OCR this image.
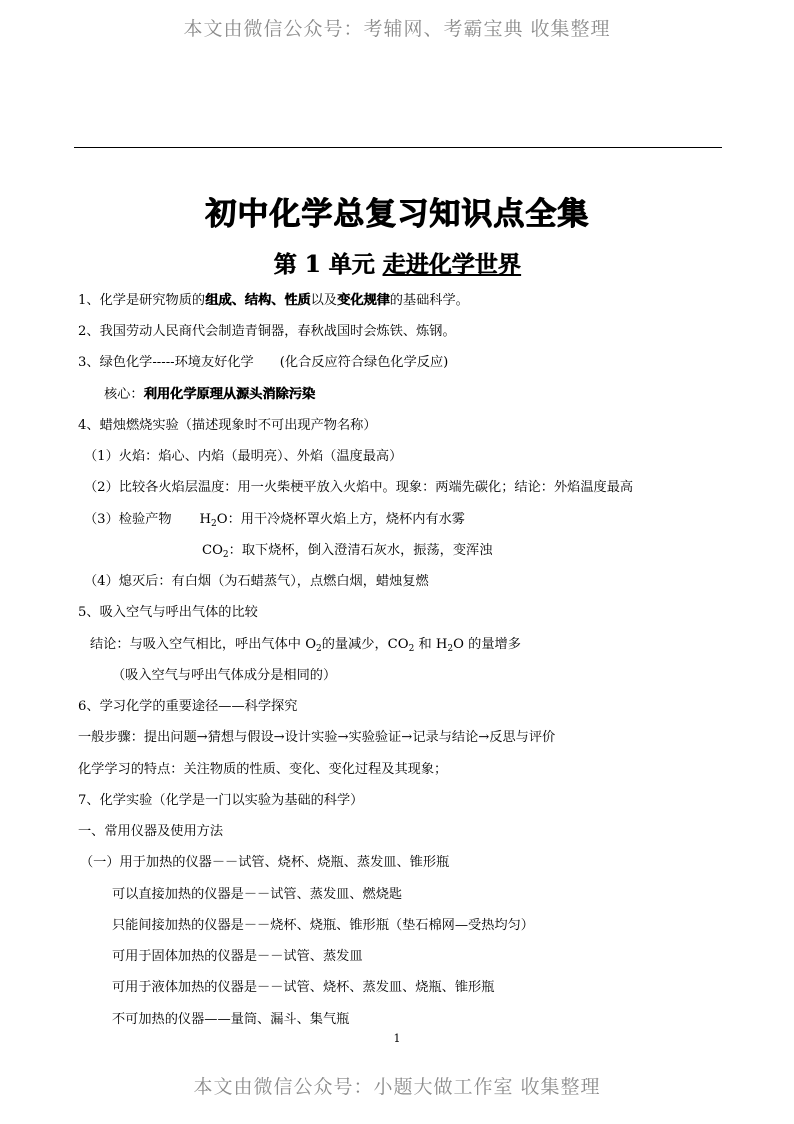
本文由微信公众号：考辅网、考霸宝典 收集整理
初中化学总复习知识点全集
第 1 单元 走进化学世界
1、化学是研究物质的组成、结构、性质以及变化规律的基础科学。
2、我国劳动人民商代会制造青铜器，春秋战国时会炼铁、炼钢。
3、绿色化学-----环境友好化学 (化合反应符合绿色化学反应)
核心：利用化学原理从源头消除污染
4、蜡烛燃烧实验（描述现象时不可出现产物名称）
（1）火焰：焰心、内焰（最明亮）、外焰（温度最高）
（2）比较各火焰层温度：用一火柴梗平放入火焰中。现象：两端先碳化；结论：外焰温度最高
（3）检验产物 $H_2O$：用干冷烧杯罩火焰上方，烧杯内有水雾
$CO_2$：取下烧杯，倒入澄清石灰水，振荡，变浑浊
（4）熄灭后：有白烟（为石蜡蒸气），点燃白烟，蜡烛复燃
5、吸入空气与呼出气体的比较
结论：与吸入空气相比，呼出气体中 $O_2$的量减少，$CO_2$ 和 $H_2O$ 的量增多
（吸入空气与呼出气体成分是相同的）
6、学习化学的重要途径——科学探究
一般步骤：提出问题→猜想与假设→设计实验→实验验证→记录与结论→反思与评价
化学学习的特点：关注物质的性质、变化、变化过程及其现象；
7、化学实验（化学是一门以实验为基础的科学）
一、常用仪器及使用方法
（一）用于加热的仪器－－试管、烧杯、烧瓶、蒸发皿、锥形瓶
可以直接加热的仪器是－－试管、蒸发皿、燃烧匙
只能间接加热的仪器是－－烧杯、烧瓶、锥形瓶（垫石棉网—受热均匀）
可用于固体加热的仪器是－－试管、蒸发皿
可用于液体加热的仪器是－－试管、烧杯、蒸发皿、烧瓶、锥形瓶
不可加热的仪器——量筒、漏斗、集气瓶
1
本文由微信公众号：小题大做工作室 收集整理
